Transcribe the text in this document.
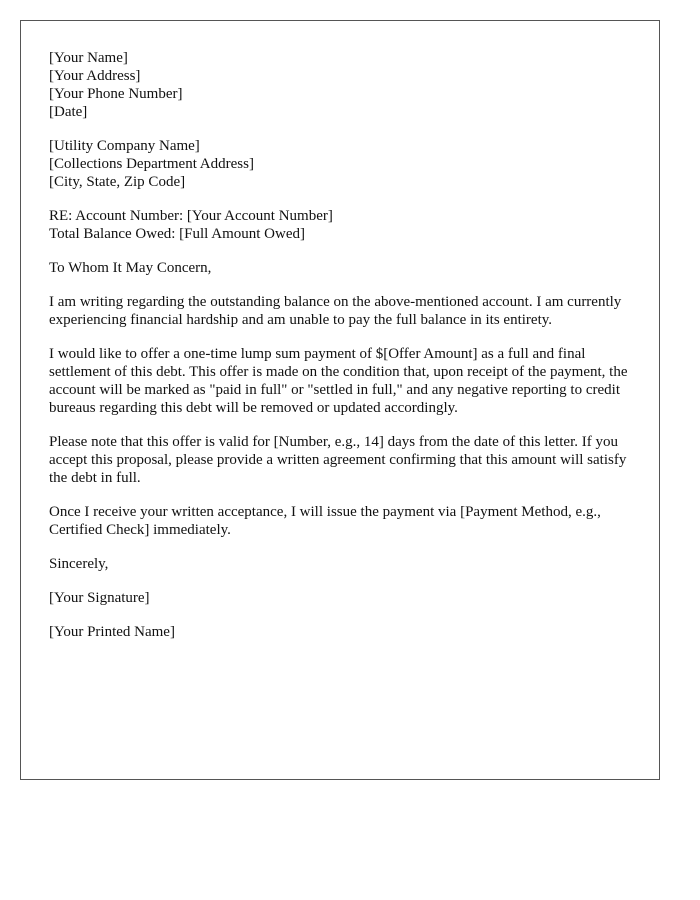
[Your Name]
[Your Address]
[Your Phone Number]
[Date]
[Utility Company Name]
[Collections Department Address]
[City, State, Zip Code]
RE: Account Number: [Your Account Number]
Total Balance Owed: [Full Amount Owed]

To Whom It May Concern,

I am writing regarding the outstanding balance on the above-mentioned account. I am currently experiencing financial hardship and am unable to pay the full balance in its entirety.

I would like to offer a one-time lump sum payment of $[Offer Amount] as a full and final settlement of this debt. This offer is made on the condition that, upon receipt of the payment, the account will be marked as "paid in full" or "settled in full," and any negative reporting to credit bureaus regarding this debt will be removed or updated accordingly.

Please note that this offer is valid for [Number, e.g., 14] days from the date of this letter. If you accept this proposal, please provide a written agreement confirming that this amount will satisfy the debt in full.

Once I receive your written acceptance, I will issue the payment via [Payment Method, e.g., Certified Check] immediately.

Sincerely,

[Your Signature]

[Your Printed Name]
